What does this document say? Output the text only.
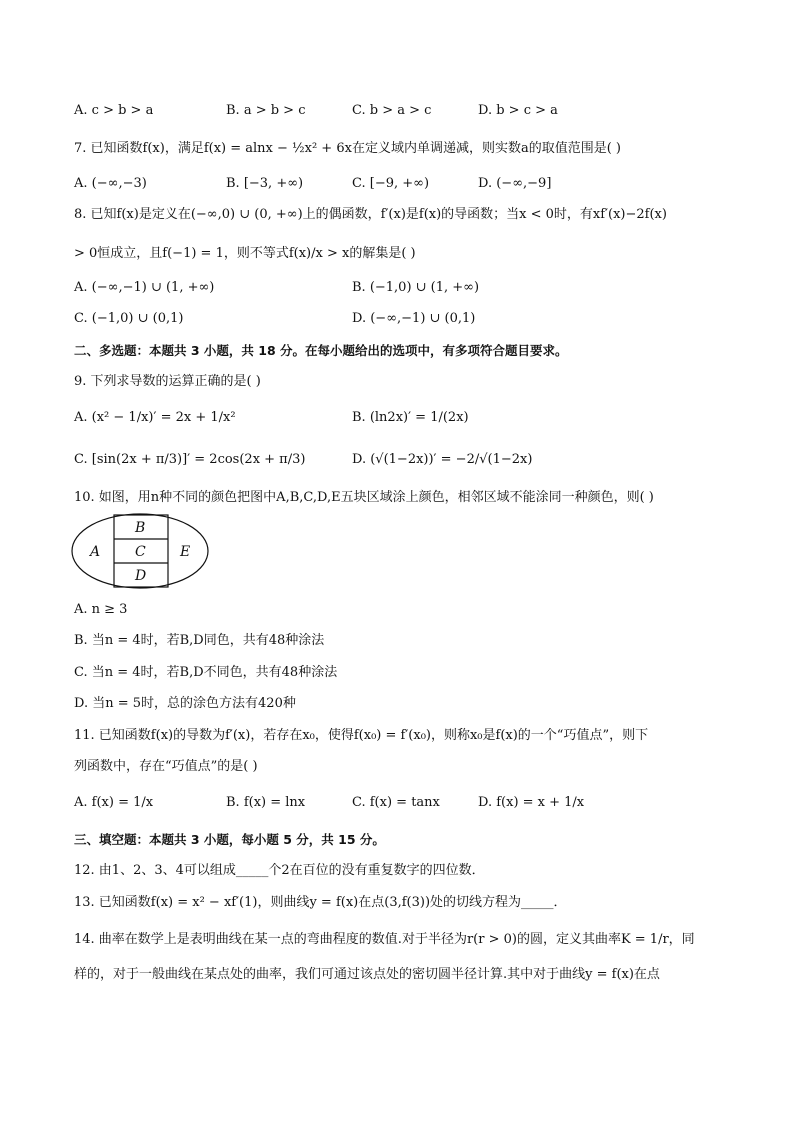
A. c > b > a	B. a > b > c	C. b > a > c	D. b > c > a
7. 已知函数f(x)，满足f(x) = alnx − ½x² + 6x在定义域内单调递减，则实数a的取值范围是( )
A. (−∞,−3)	B. [−3, +∞)	C. [−9, +∞)	D. (−∞,−9]
8. 已知f(x)是定义在(−∞,0) ∪ (0, +∞)上的偶函数，f′(x)是f(x)的导函数；当x < 0时，有xf′(x)−2f(x)
> 0恒成立，且f(−1) = 1，则不等式f(x)/x > x的解集是( )
A. (−∞,−1) ∪ (1, +∞)	B. (−1,0) ∪ (1, +∞)
C. (−1,0) ∪ (0,1)	D. (−∞,−1) ∪ (0,1)
二、多选题：本题共 3 小题，共 18 分。在每小题给出的选项中，有多项符合题目要求。
9. 下列求导数的运算正确的是( )
A. (x² − 1/x)′ = 2x + 1/x²	B. (ln2x)′ = 1/(2x)
C. [sin(2x + π/3)]′ = 2cos(2x + π/3)	D. (√(1−2x))′ = −2/√(1−2x)
10. 如图，用n种不同的颜色把图中A,B,C,D,E五块区域涂上颜色，相邻区域不能涂同一种颜色，则( )
A
B
C
D
E
A. n ≥ 3
B. 当n = 4时，若B,D同色，共有48种涂法
C. 当n = 4时，若B,D不同色，共有48种涂法
D. 当n = 5时，总的涂色方法有420种
11. 已知函数f(x)的导数为f′(x)，若存在x₀，使得f(x₀) = f′(x₀)，则称x₀是f(x)的一个“巧值点”，则下
列函数中，存在“巧值点”的是( )
A. f(x) = 1/x	B. f(x) = lnx	C. f(x) = tanx	D. f(x) = x + 1/x
三、填空题：本题共 3 小题，每小题 5 分，共 15 分。
12. 由1、2、3、4可以组成_____个2在百位的没有重复数字的四位数．
13. 已知函数f(x) = x² − xf′(1)，则曲线y = f(x)在点(3,f(3))处的切线方程为_____．
14. 曲率在数学上是表明曲线在某一点的弯曲程度的数值.对于半径为r(r > 0)的圆，定义其曲率K = 1/r，同
样的，对于一般曲线在某点处的曲率，我们可通过该点处的密切圆半径计算.其中对于曲线y = f(x)在点
